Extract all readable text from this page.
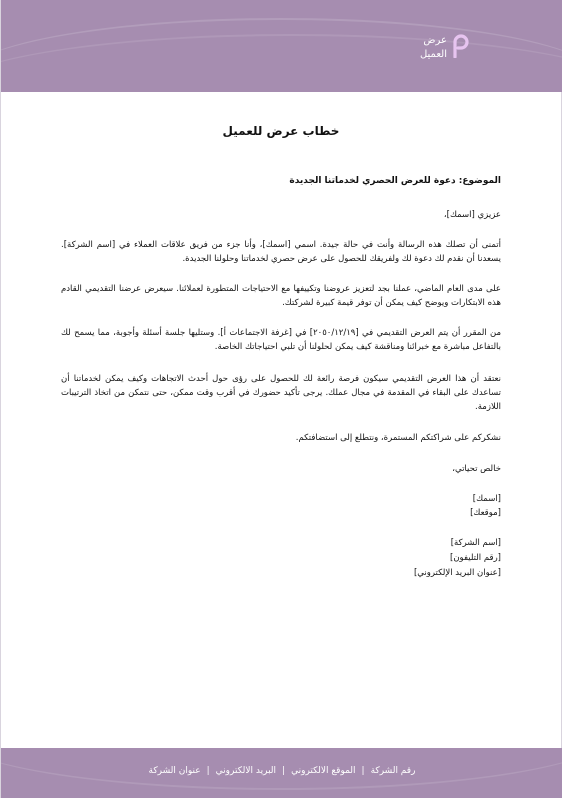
عرض
العميل
خطاب عرض للعميل
الموضوع: دعوة للعرض الحصري لخدماتنا الجديدة
عزيزي [اسمك]،
أتمنى أن تصلك هذه الرسالة وأنت في حالة جيدة. اسمي [اسمك]، وأنا جزء من فريق علاقات العملاء في [اسم الشركة]. يسعدنا أن نقدم لك دعوة لك ولفريقك للحصول على عرض حصري لخدماتنا وحلولنا الجديدة.
على مدى العام الماضي، عملنا بجد لتعزيز عروضنا وتكييفها مع الاحتياجات المتطورة لعملائنا. سيعرض عرضنا التقديمي القادم هذه الابتكارات ويوضح كيف يمكن أن توفر قيمة كبيرة لشركتك.
من المقرر أن يتم العرض التقديمي في [٢٠٥٠/١٢/١٩] في [غرفة الاجتماعات أ]. وستليها جلسة أسئلة وأجوبة، مما يسمح لك بالتفاعل مباشرة مع خبرائنا ومناقشة كيف يمكن لحلولنا أن تلبي احتياجاتك الخاصة.
نعتقد أن هذا العرض التقديمي سيكون فرصة رائعة لك للحصول على رؤى حول أحدث الاتجاهات وكيف يمكن لخدماتنا أن تساعدك على البقاء في المقدمة في مجال عملك. يرجى تأكيد حضورك في أقرب وقت ممكن، حتى نتمكن من اتخاذ الترتيبات اللازمة.
نشكركم على شراكتكم المستمرة، ونتطلع إلى استضافتكم.
خالص تحياتي،
[اسمك]
[موقعك]
[اسم الشركة]
[رقم التليفون]
[عنوان البريد الإلكتروني]
رقم الشركة|الموقع الالكتروني|البريد الالكتروني|عنوان الشركة
